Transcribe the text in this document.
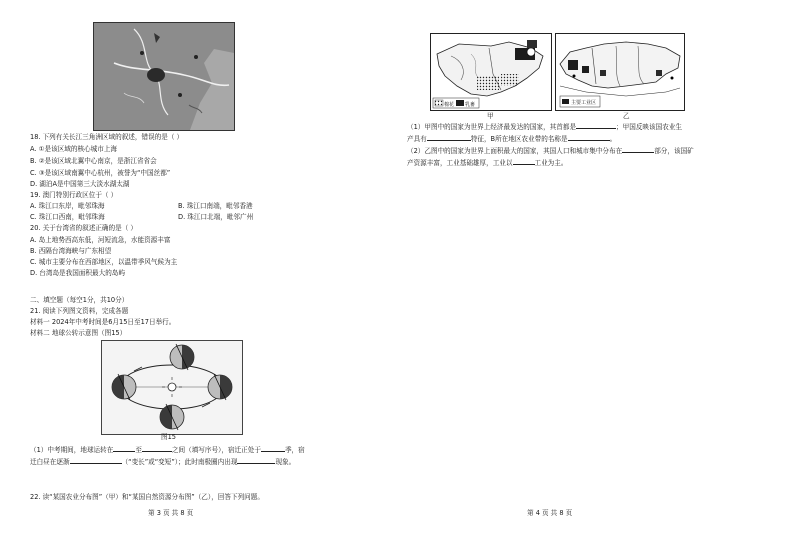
18. 下列有关长江三角洲区域的叙述，错误的是（ ）
A. ①是该区域的核心城市上海
B. ②是该区域北翼中心南京，是浙江省省会
C. ③是该区域南翼中心杭州，被誉为“中国丝都”
D. 湖泊A是中国第三大淡水湖太湖
19. 澳门特别行政区位于（ ）
A. 珠江口东岸，毗邻珠海	B. 珠江口南端，毗邻香港
C. 珠江口西南，毗邻珠海	D. 珠江口北端，毗邻广州
20. 关于台湾省的叙述正确的是（ ）
A. 岛上地势西高东低，河短流急，水能资源丰富
B. 西隔台湾海峡与广东相望
C. 城市主要分布在西部地区，以温带季风气候为主
D. 台湾岛是我国面积最大的岛屿
二、填空题（每空1分，共10分）
21. 阅读下列图文资料，完成各题
材料一 2024年中考时间是6月15日至17日举行。
材料二 地球公转示意图（图15）
图15
（1）中考期间，地球运转在	至	之间（填写序号），宿迁正处于	季，宿
迁白昼在逐渐	（“变长”或“变短”）；此时南极圈内出现	现象。
22. 读“某国农业分布图”（甲）和“某国自然资源分布图”（乙），回答下列问题。
第 3 页 共 8 页
棉花 乳畜	主要工业区
甲	乙
（1）甲图中的国家为世界上经济最发达的国家，其首都是	；甲国反映该国农业生
产具有	特征，B所在地区农业带的名称是	。
（2）乙图中的国家为世界上面积最大的国家，其国人口和城市集中分布在	部分，该国矿
产资源丰富，工业基础雄厚，工业以	工业为主。
第 4 页 共 8 页
